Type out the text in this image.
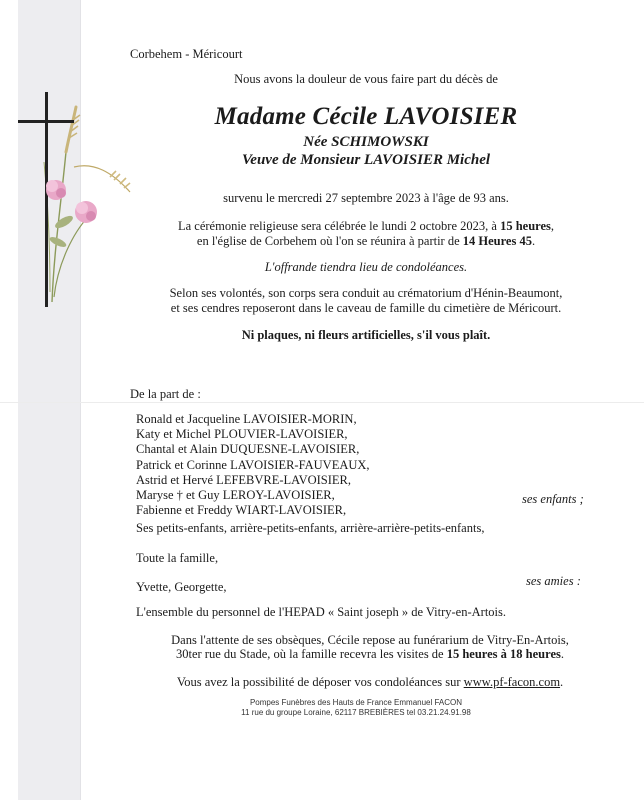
Corbehem - Méricourt
Nous avons la douleur de vous faire part du décès de
Madame Cécile LAVOISIER
Née SCHIMOWSKI
Veuve de Monsieur LAVOISIER Michel
survenu le mercredi 27 septembre 2023 à l'âge de 93 ans.
La cérémonie religieuse sera célébrée le lundi 2 octobre 2023, à 15 heures,
en l'église de Corbehem où l'on se réunira à partir de 14 Heures 45.
L'offrande tiendra lieu de condoléances.
Selon ses volontés, son corps sera conduit au crématorium d'Hénin-Beaumont,
et ses cendres reposeront dans le caveau de famille du cimetière de Méricourt.
Ni plaques, ni fleurs artificielles, s'il vous plaît.
De la part de :
Ronald et Jacqueline LAVOISIER-MORIN,
Katy et Michel PLOUVIER-LAVOISIER,
Chantal et Alain DUQUESNE-LAVOISIER,
Patrick et Corinne LAVOISIER-FAUVEAUX,
Astrid et Hervé LEFEBVRE-LAVOISIER,
Maryse † et Guy LEROY-LAVOISIER,
Fabienne et Freddy WIART-LAVOISIER,
ses enfants ;
Ses petits-enfants, arrière-petits-enfants, arrière-arrière-petits-enfants,
Toute la famille,
Yvette, Georgette,	ses amies :
L'ensemble du personnel de l'HEPAD « Saint joseph » de Vitry-en-Artois.
Dans l'attente de ses obsèques, Cécile repose au funérarium de Vitry-En-Artois,
30ter rue du Stade, où la famille recevra les visites de 15 heures à 18 heures.
Vous avez la possibilité de déposer vos condoléances sur www.pf-facon.com.
Pompes Funèbres des Hauts de France Emmanuel FACON
11 rue du groupe Loraine, 62117 BREBIÈRES tel 03.21.24.91.98
